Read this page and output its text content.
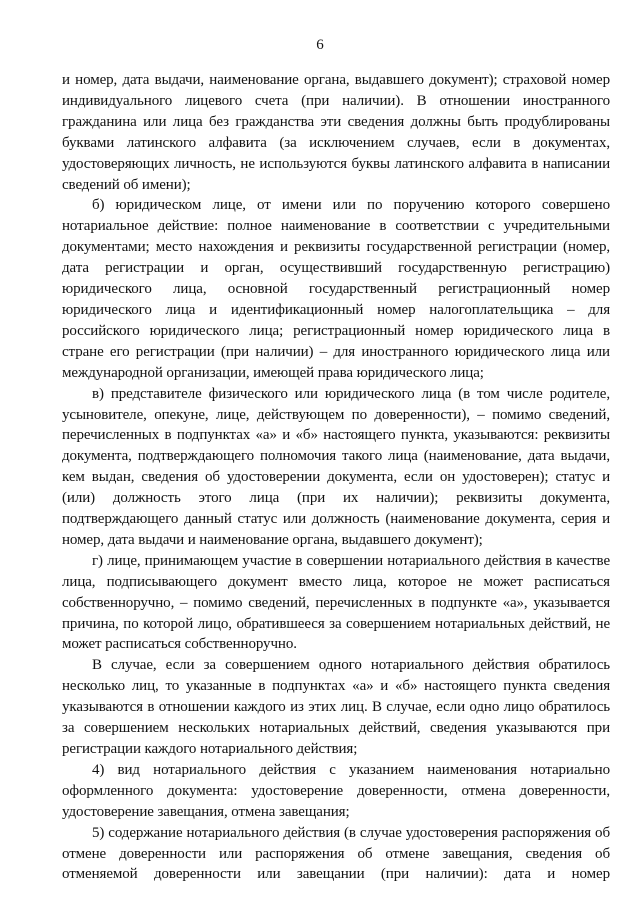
6

и номер, дата выдачи, наименование органа, выдавшего документ); страховой номер индивидуального лицевого счета (при наличии). В отношении иностранного гражданина или лица без гражданства эти сведения должны быть продублированы буквами латинского алфавита (за исключением случаев, если в документах, удостоверяющих личность, не используются буквы латинского алфавита в написании сведений об имени);

б) юридическом лице, от имени или по поручению которого совершено нотариальное действие: полное наименование в соответствии с учредительными документами; место нахождения и реквизиты государственной регистрации (номер, дата регистрации и орган, осуществивший государственную регистрацию) юридического лица, основной государственный регистрационный номер юридического лица и идентификационный номер налогоплательщика – для российского юридического лица; регистрационный номер юридического лица в стране его регистрации (при наличии) – для иностранного юридического лица или международной организации, имеющей права юридического лица;

в) представителе физического или юридического лица (в том числе родителе, усыновителе, опекуне, лице, действующем по доверенности), – помимо сведений, перечисленных в подпунктах «а» и «б» настоящего пункта, указываются: реквизиты документа, подтверждающего полномочия такого лица (наименование, дата выдачи, кем выдан, сведения об удостоверении документа, если он удостоверен); статус и (или) должность этого лица (при их наличии); реквизиты документа, подтверждающего данный статус или должность (наименование документа, серия и номер, дата выдачи и наименование органа, выдавшего документ);

г) лице, принимающем участие в совершении нотариального действия в качестве лица, подписывающего документ вместо лица, которое не может расписаться собственноручно, – помимо сведений, перечисленных в подпункте «а», указывается причина, по которой лицо, обратившееся за совершением нотариальных действий, не может расписаться собственноручно.

В случае, если за совершением одного нотариального действия обратилось несколько лиц, то указанные в подпунктах «а» и «б» настоящего пункта сведения указываются в отношении каждого из этих лиц. В случае, если одно лицо обратилось за совершением нескольких нотариальных действий, сведения указываются при регистрации каждого нотариального действия;

4) вид нотариального действия с указанием наименования нотариально оформленного документа: удостоверение доверенности, отмена доверенности, удостоверение завещания, отмена завещания;

5) содержание нотариального действия (в случае удостоверения распоряжения об отмене доверенности или распоряжения об отмене завещания, сведения об отменяемой доверенности или завещании (при наличии): дата и номер
